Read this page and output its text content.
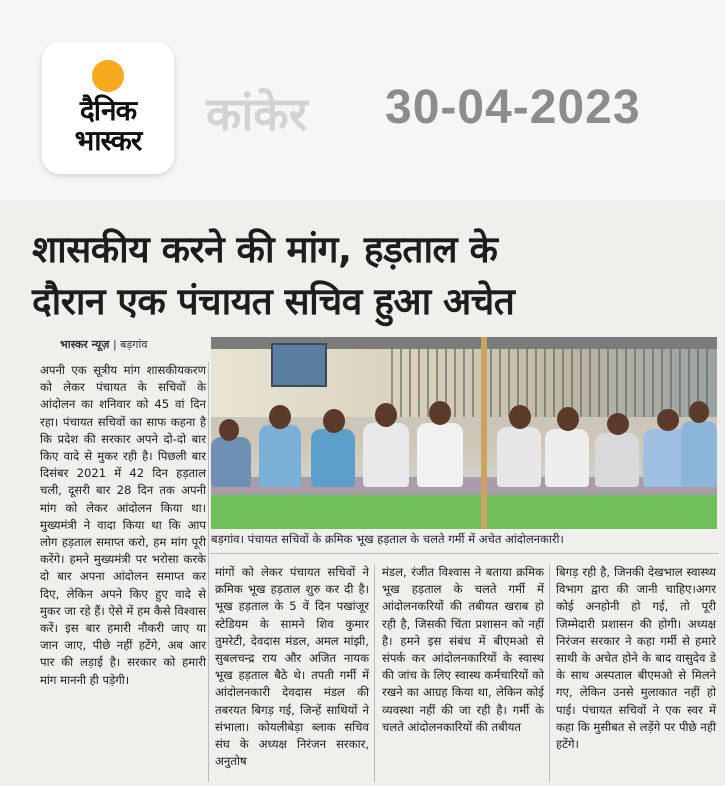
दैनिक
भास्कर	कांकेर 30-04-2023
शासकीय करने की मांग, हड़ताल के
दौरान एक पंचायत सचिव हुआ अचेत
भास्कर न्यूज़ | बड़गांव
बड़गांव। पंचायत सचिवों के क्रमिक भूख हड़ताल के चलते गर्मी में अचेत आंदोलनकारी।
अपनी एक सूत्रीय मांग शासकीयकरण को लेकर पंचायत के सचिवों के आंदोलन का शनिवार को 45 वां दिन रहा। पंचायत सचिवों का साफ कहना है कि प्रदेश की सरकार अपने दो-दो बार किए वादे से मुकर रही है। पिछली बार दिसंबर 2021 में 42 दिन हड़ताल चली, दूसरी बार 28 दिन तक अपनी मांग को लेकर आंदोलन किया था। मुख्यमंत्री ने वादा किया था कि आप लोग हड़ताल समाप्त करो, हम मांग पूरी करेंगे। हमने मुख्यमंत्री पर भरोसा करके दो बार अपना आंदोलन समाप्त कर दिए, लेकिन अपने किए हुए वादे से मुकर जा रहे हैं। ऐसे में हम कैसे विश्वास करें। इस बार हमारी नौकरी जाए या जान जाए, पीछे नहीं हटेंगे, अब आर पार की लड़ाई है। सरकार को हमारी मांग माननी ही पड़ेगी।
मांगों को लेकर पंचायत सचिवों ने क्रमिक भूख हड़ताल शुरु कर दी है। भूख हड़ताल के 5 वें दिन पखांजूर स्टेडियम के सामने शिव कुमार तुमरेटी, देवदास मंडल, अमल मांझी, सुबलचन्द्र राय और अजित नायक भूख हड़ताल बैठे थे। तपती गर्मी में आंदोलनकारी देवदास मंडल की तबरयत बिगड़ गई, जिन्हें साथियों ने संभाला। कोयलीबेड़ा ब्लाक सचिव संघ के अध्यक्ष निरंजन सरकार, अनुतोष
मंडल, रंजीत विश्वास ने बताया क्रमिक भूख हड़ताल के चलते गर्मी में आंदोलनकरियों की तबीयत खराब हो रही है, जिसकी चिंता प्रशासन को नहीं है। हमने इस संबंध में बीएमओ से संपर्क कर आंदोलनकारियों के स्वास्थ की जांच के लिए स्वास्थ कर्मचारियों को रखने का आग्रह किया था, लेकिन कोई व्यवस्था नहीं की जा रही है। गर्मी के चलते आंदोलनकारियों की तबीयत
बिगड़ रही है, जिनकी देखभाल स्वास्थ्य विभाग द्वारा की जानी चाहिए।अगर कोई अनहोनी हो गई, तो पूरी जिम्मेदारी प्रशासन की होगी। अध्यक्ष निरंजन सरकार ने कहा गर्मी से हमारे साथी के अचेत होने के बाद वासुदेव डे के साथ अस्पताल बीएमओ से मिलने गए, लेकिन उनसे मुलाकात नहीं हो पाई। पंचायत सचिवों ने एक स्वर में कहा कि मुसीबत से लड़ेंगे पर पीछे नही हटेंगे।
